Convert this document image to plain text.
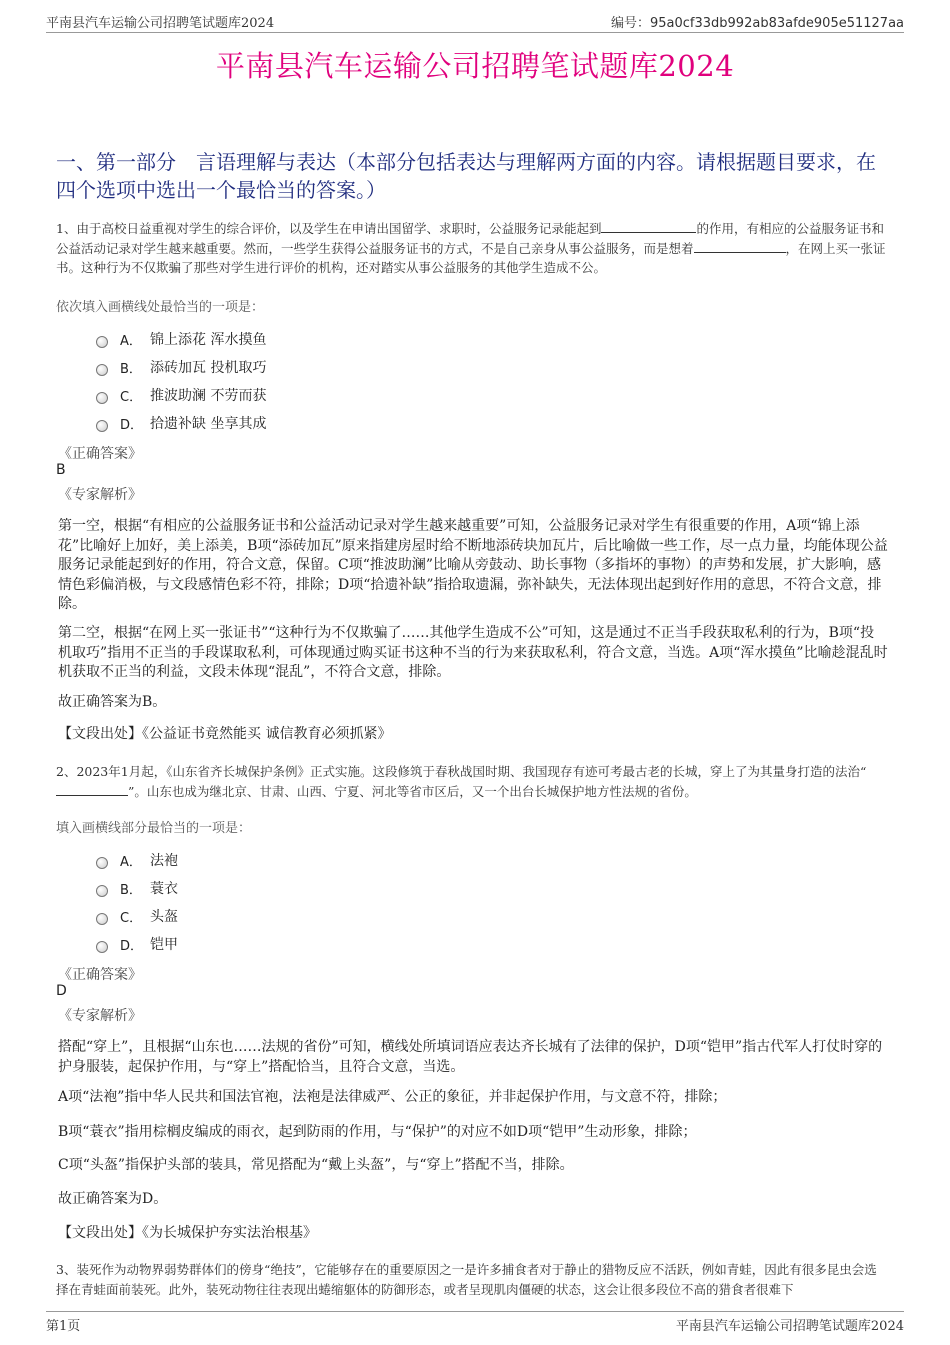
平南县汽车运输公司招聘笔试题库2024	编号：95a0cf33db992ab83afde905e51127aa
平南县汽车运输公司招聘笔试题库2024
一、第一部分　言语理解与表达（本部分包括表达与理解两方面的内容。请根据题目要求，在四个选项中选出一个最恰当的答案。）
1、由于高校日益重视对学生的综合评价，以及学生在申请出国留学、求职时，公益服务记录能起到	的作用，有相应的公益服务证书和公益活动记录对学生越来越重要。然而，一些学生获得公益服务证书的方式，不是自己亲身从事公益服务，而是想着	，在网上买一张证书。这种行为不仅欺骗了那些对学生进行评价的机构，还对踏实从事公益服务的其他学生造成不公。
依次填入画横线处最恰当的一项是：
A． 锦上添花 浑水摸鱼
B． 添砖加瓦 投机取巧
C． 推波助澜 不劳而获
D． 拾遗补缺 坐享其成
《正确答案》
B
《专家解析》
第一空，根据“有相应的公益服务证书和公益活动记录对学生越来越重要”可知，公益服务记录对学生有很重要的作用，A项“锦上添花”比喻好上加好，美上添美，B项“添砖加瓦”原来指建房屋时给不断地添砖块加瓦片，后比喻做一些工作，尽一点力量，均能体现公益服务记录能起到好的作用，符合文意，保留。C项“推波助澜”比喻从旁鼓动、助长事物（多指坏的事物）的声势和发展，扩大影响，感情色彩偏消极，与文段感情色彩不符，排除；D项“拾遗补缺”指拾取遗漏，弥补缺失，无法体现出起到好作用的意思，不符合文意，排除。
第二空，根据“在网上买一张证书”“这种行为不仅欺骗了……其他学生造成不公”可知，这是通过不正当手段获取私利的行为，B项“投机取巧”指用不正当的手段谋取私利，可体现通过购买证书这种不当的行为来获取私利，符合文意，当选。A项“浑水摸鱼”比喻趁混乱时机获取不正当的利益，文段未体现“混乱”，不符合文意，排除。
故正确答案为B。
【文段出处】《公益证书竟然能买 诚信教育必须抓紧》
2、2023年1月起，《山东省齐长城保护条例》正式实施。这段修筑于春秋战国时期、我国现存有迹可考最古老的长城，穿上了为其量身打造的法治“”。山东也成为继北京、甘肃、山西、宁夏、河北等省市区后，又一个出台长城保护地方性法规的省份。
填入画横线部分最恰当的一项是：
A． 法袍
B． 蓑衣
C． 头盔
D． 铠甲
《正确答案》
D
《专家解析》
搭配“穿上”，且根据“山东也……法规的省份”可知，横线处所填词语应表达齐长城有了法律的保护，D项“铠甲”指古代军人打仗时穿的护身服装，起保护作用，与“穿上”搭配恰当，且符合文意，当选。
A项“法袍”指中华人民共和国法官袍，法袍是法律威严、公正的象征，并非起保护作用，与文意不符，排除；
B项“蓑衣”指用棕榈皮编成的雨衣，起到防雨的作用，与“保护”的对应不如D项“铠甲”生动形象，排除；
C项“头盔”指保护头部的装具，常见搭配为“戴上头盔”，与“穿上”搭配不当，排除。
故正确答案为D。
【文段出处】《为长城保护夯实法治根基》
3、装死作为动物界弱势群体们的傍身“绝技”，它能够存在的重要原因之一是许多捕食者对于静止的猎物反应不活跃，例如青蛙，因此有很多昆虫会选择在青蛙面前装死。此外，装死动物往往表现出蜷缩躯体的防御形态，或者呈现肌肉僵硬的状态，这会让很多段位不高的猎食者很难下
第1页	平南县汽车运输公司招聘笔试题库2024
